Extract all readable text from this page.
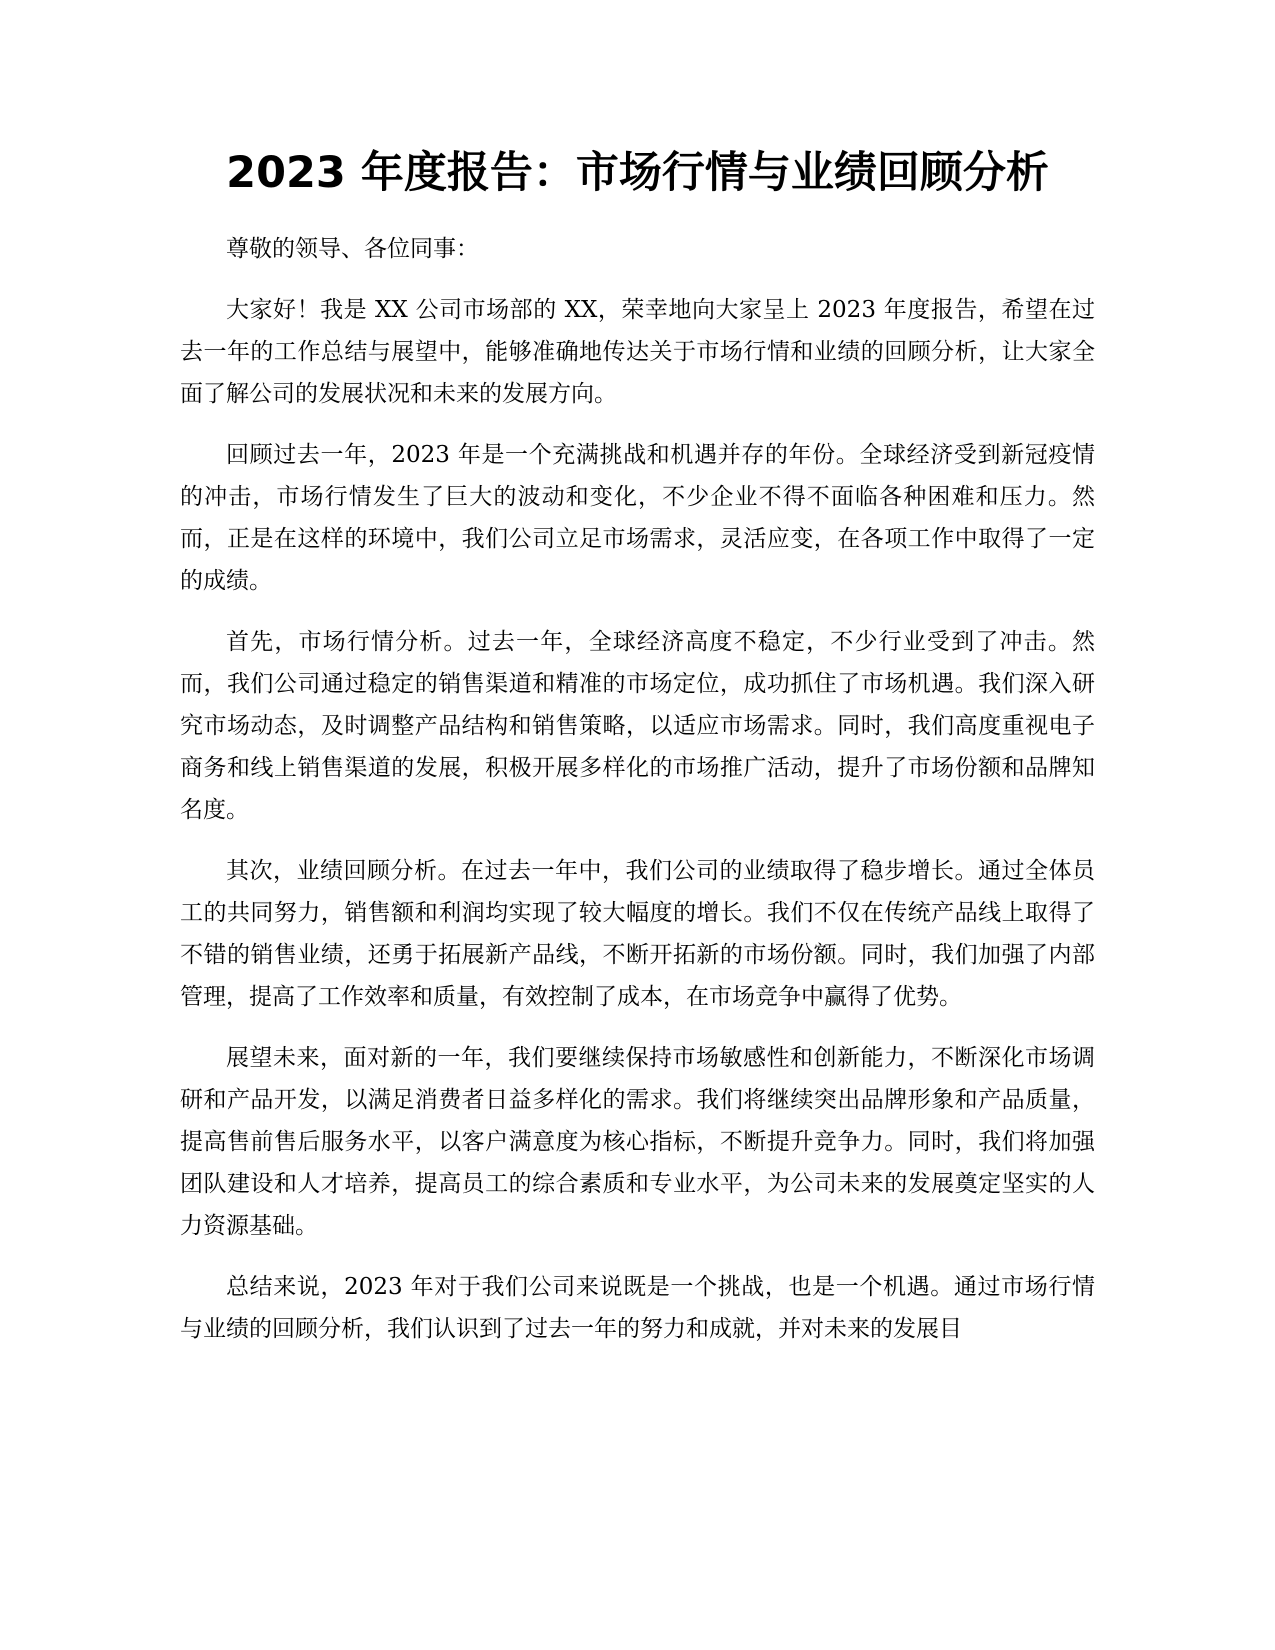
2023 年度报告：市场行情与业绩回顾分析

尊敬的领导、各位同事：

大家好！我是 XX 公司市场部的 XX，荣幸地向大家呈上 2023 年度报告，希望在过去一年的工作总结与展望中，能够准确地传达关于市场行情和业绩的回顾分析，让大家全面了解公司的发展状况和未来的发展方向。

回顾过去一年，2023 年是一个充满挑战和机遇并存的年份。全球经济受到新冠疫情的冲击，市场行情发生了巨大的波动和变化，不少企业不得不面临各种困难和压力。然而，正是在这样的环境中，我们公司立足市场需求，灵活应变，在各项工作中取得了一定的成绩。

首先，市场行情分析。过去一年，全球经济高度不稳定，不少行业受到了冲击。然而，我们公司通过稳定的销售渠道和精准的市场定位，成功抓住了市场机遇。我们深入研究市场动态，及时调整产品结构和销售策略，以适应市场需求。同时，我们高度重视电子商务和线上销售渠道的发展，积极开展多样化的市场推广活动，提升了市场份额和品牌知名度。

其次，业绩回顾分析。在过去一年中，我们公司的业绩取得了稳步增长。通过全体员工的共同努力，销售额和利润均实现了较大幅度的增长。我们不仅在传统产品线上取得了不错的销售业绩，还勇于拓展新产品线，不断开拓新的市场份额。同时，我们加强了内部管理，提高了工作效率和质量，有效控制了成本，在市场竞争中赢得了优势。

展望未来，面对新的一年，我们要继续保持市场敏感性和创新能力，不断深化市场调研和产品开发，以满足消费者日益多样化的需求。我们将继续突出品牌形象和产品质量，提高售前售后服务水平，以客户满意度为核心指标，不断提升竞争力。同时，我们将加强团队建设和人才培养，提高员工的综合素质和专业水平，为公司未来的发展奠定坚实的人力资源基础。

总结来说，2023 年对于我们公司来说既是一个挑战，也是一个机遇。通过市场行情与业绩的回顾分析，我们认识到了过去一年的努力和成就，并对未来的发展目
